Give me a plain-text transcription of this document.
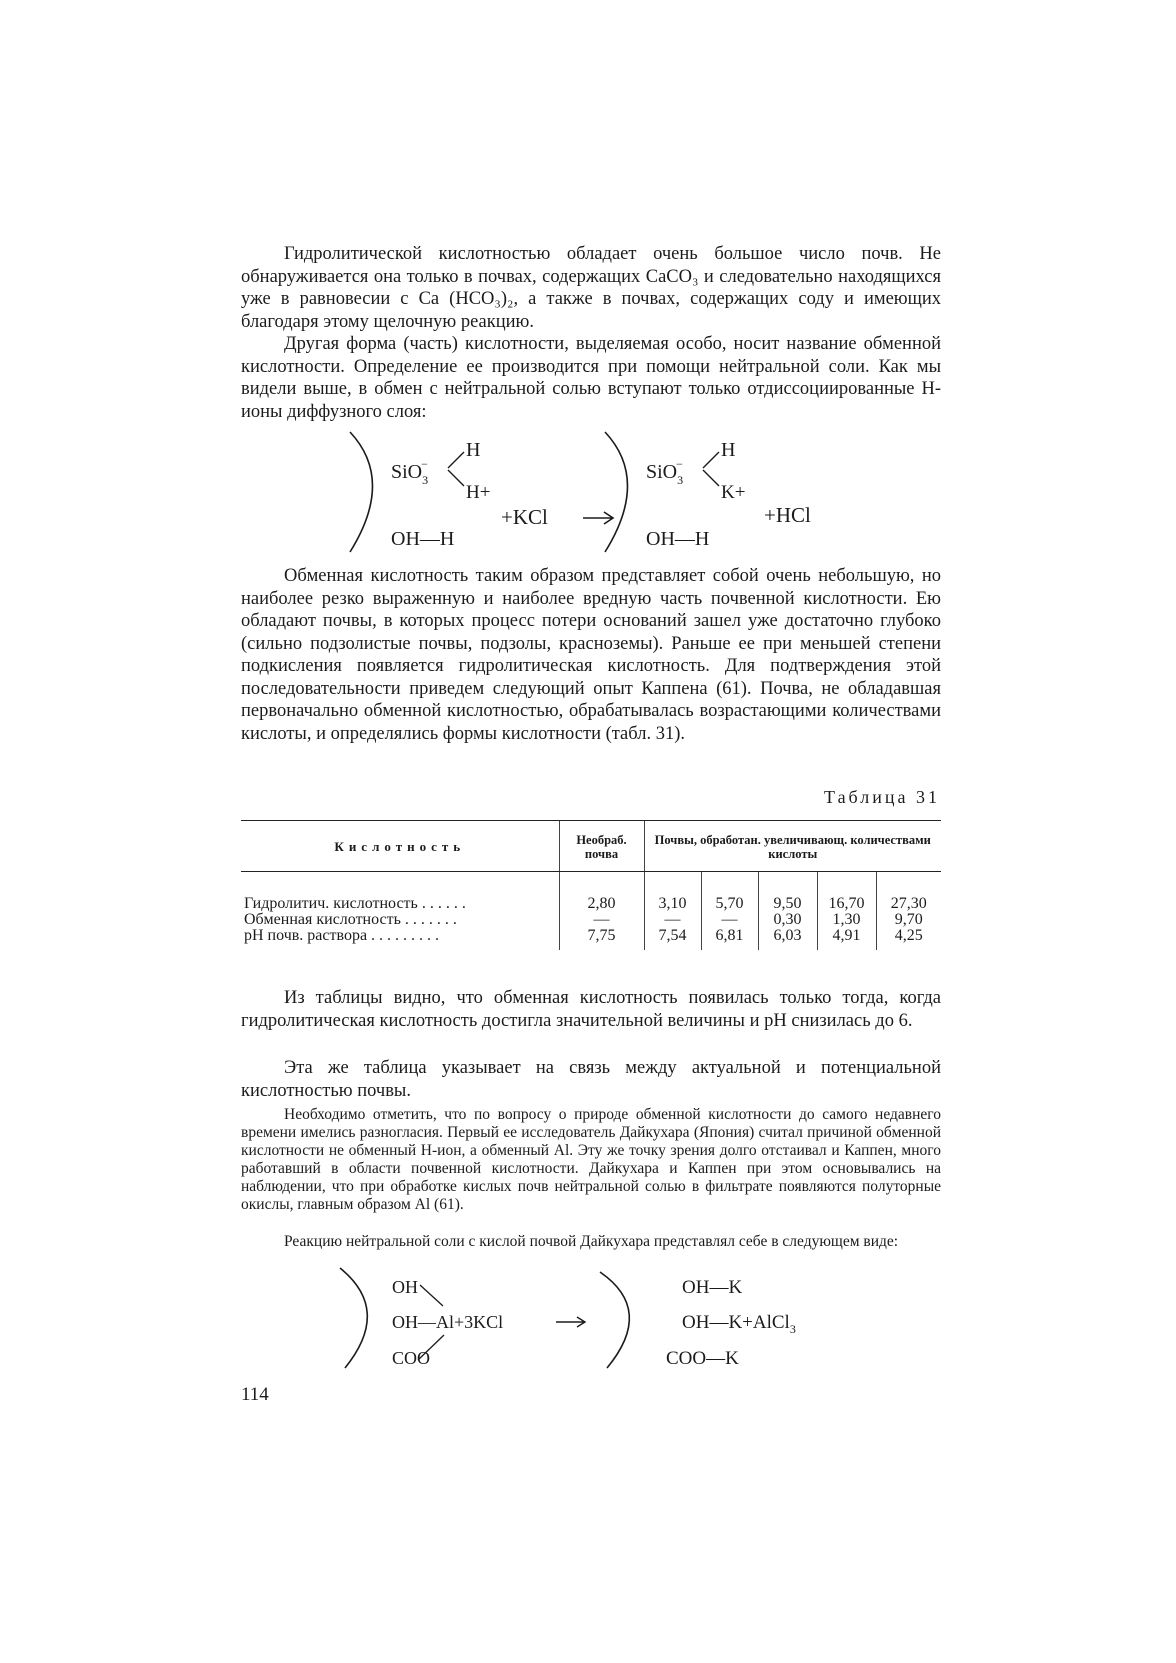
Гидролитической кислотностью обладает очень большое число почв. Не обнаруживается она только в почвах, содержащих CaCO₃ и следовательно находящихся уже в равновесии с Ca (HCO₃)₂, а также в почвах, содержащих соду и имеющих благодаря этому щелочную реакцию.

Другая форма (часть) кислотности, выделяемая особо, носит название обменной кислотности. Определение ее производится при помощи нейтральной соли. Как мы видели выше, в обмен с нейтральной солью вступают только отдиссоциированные H-ионы диффузного слоя:

SiO$_3$−
H
H+
+KCl
OH—H
SiO$_3$−
H
K+
+HCl
OH—H
OH
OH—Al+3KCl
COO
OH—K
OH—K+AlCl$_3$
COO—K

Обменная кислотность таким образом представляет собой очень небольшую, но наиболее резко выраженную и наиболее вредную часть почвенной кислотности. Ею обладают почвы, в которых процесс потери оснований зашел уже достаточно глубоко (сильно подзолистые почвы, подзолы, красноземы). Раньше ее при меньшей степени подкисления появляется гидролитическая кислотность. Для подтверждения этой последовательности приведем следующий опыт Каппена (61). Почва, не обладавшая первоначально обменной кислотностью, обрабатывалась возрастающими количествами кислоты, и определялись формы кислотности (табл. 31).

Таблица 31
Кислотность	Необраб. почва	Почвы, обработан. увеличивающ. количествами кислоты				
Гидролитич. кислотность . . . . . .	2,80	3,10	5,70	9,50	16,70	27,30
Обменная кислотность . . . . . . .	—	—	—	0,30	1,30	9,70
pH почв. раствора . . . . . . . . .	7,75	7,54	6,81	6,03	4,91	4,25

Из таблицы видно, что обменная кислотность появилась только тогда, когда гидролитическая кислотность достигла значительной величины и pH снизилась до 6.

Эта же таблица указывает на связь между актуальной и потенциальной кислотностью почвы.

Необходимо отметить, что по вопросу о природе обменной кислотности до самого недавнего времени имелись разногласия. Первый ее исследователь Дайкухара (Япония) считал причиной обменной кислотности не обменный H-ион, а обменный Al. Эту же точку зрения долго отстаивал и Каппен, много работавший в области почвенной кислотности. Дайкухара и Каппен при этом основывались на наблюдении, что при обработке кислых почв нейтральной солью в фильтрате появляются полуторные окислы, главным образом Al (61).

Реакцию нейтральной соли с кислой почвой Дайкухара представлял себе в следующем виде:

114
